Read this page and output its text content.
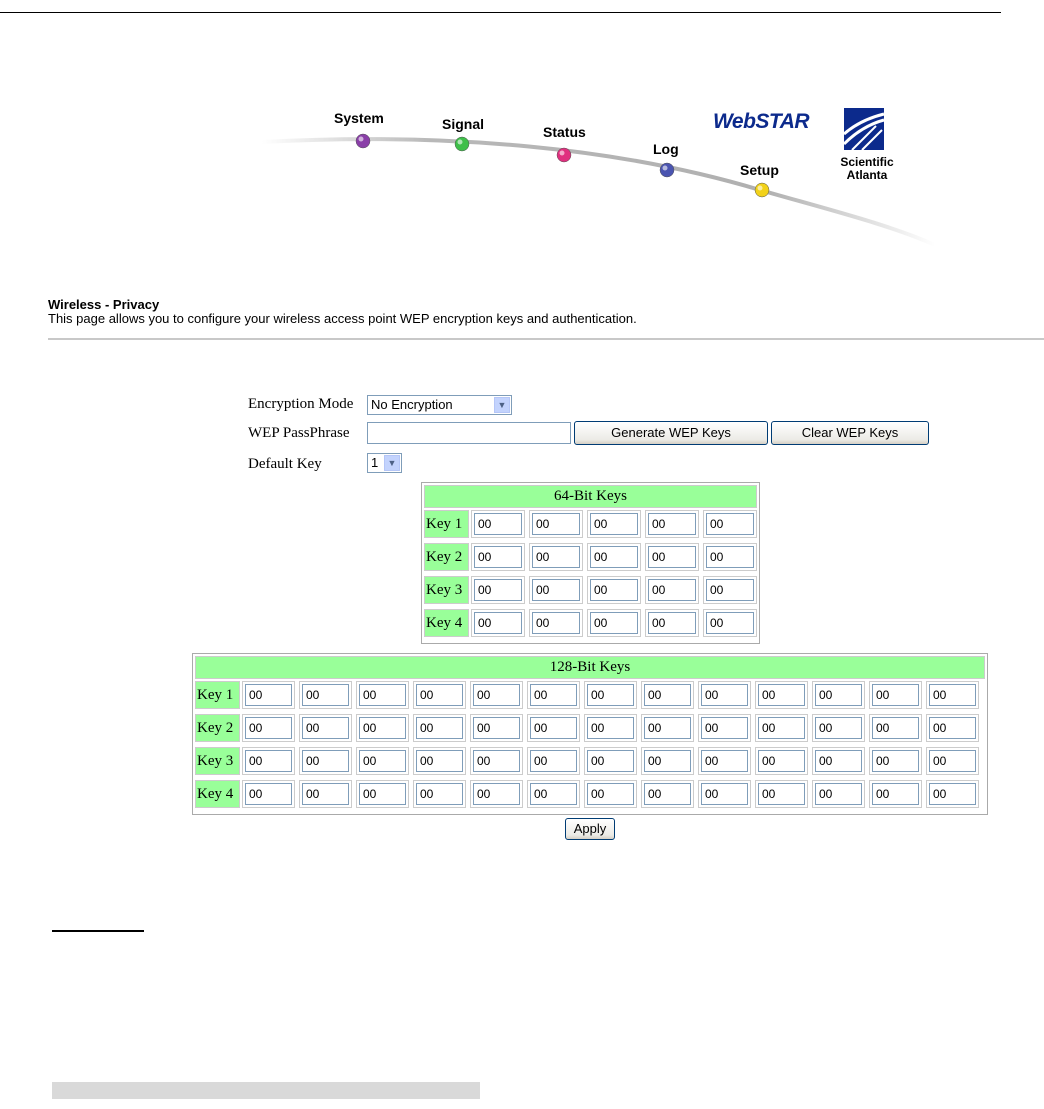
System	Signal	Status
Log
Setup
WebSTAR
Scientific
Atlanta
Wireless - Privacy
This page allows you to configure your wireless access point WEP encryption keys and authentication.
Encryption Mode	No Encryption	▼
WEP PassPhrase	Generate WEP Keys	Clear WEP Keys
Default Key	1	▼
64-Bit Keys
Key 1	00	00	00	00	00
Key 2	00	00	00	00	00
Key 3	00	00	00	00	00
Key 4	00	00	00	00	00
128-Bit Keys
Key 1	00	00	00	00	00	00	00	00	00	00	00	00	00
Key 2	00	00	00	00	00	00	00	00	00	00	00	00	00
Key 3	00	00	00	00	00	00	00	00	00	00	00	00	00
Key 4	00	00	00	00	00	00	00	00	00	00	00	00	00
Apply
